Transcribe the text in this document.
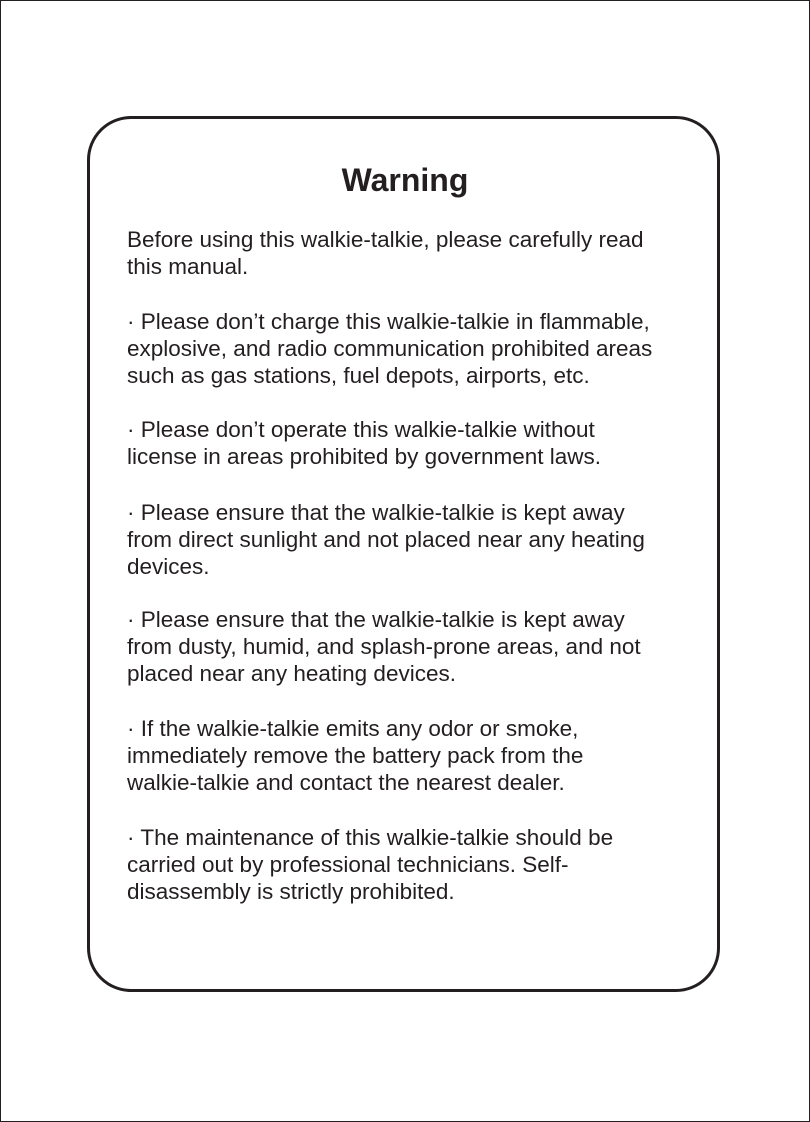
Warning
Before using this walkie-talkie, please carefully read
this manual.
· Please don’t charge this walkie-talkie in flammable,
explosive, and radio communication prohibited areas
such as gas stations, fuel depots, airports, etc.
· Please don’t operate this walkie-talkie without
license in areas prohibited by government laws.
· Please ensure that the walkie-talkie is kept away
from direct sunlight and not placed near any heating
devices.
· Please ensure that the walkie-talkie is kept away
from dusty, humid, and splash-prone areas, and not
placed near any heating devices.
· If the walkie-talkie emits any odor or smoke,
immediately remove the battery pack from the
walkie-talkie and contact the nearest dealer.
· The maintenance of this walkie-talkie should be
carried out by professional technicians. Self-
disassembly is strictly prohibited.
